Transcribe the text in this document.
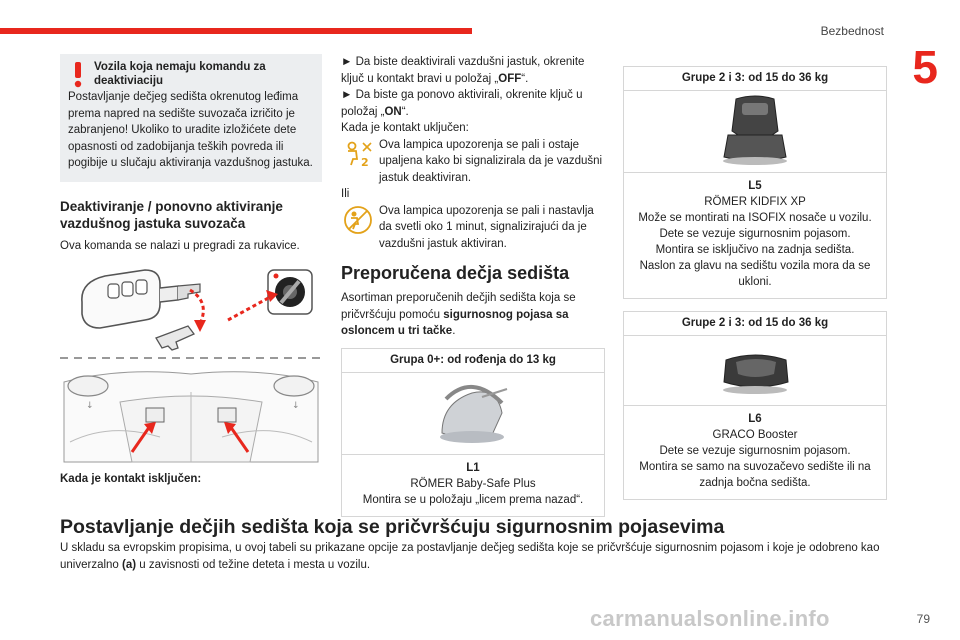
Bezbednost
5
Vozila koja nemaju komandu za deaktiviaciju
Postavljanje dečjeg sedišta okrenutog leđima prema napred na sedište suvozača izričito je zabranjeno! Ukoliko to uradite izložićete dete opasnosti od zadobijanja teških povreda ili pogibije u slučaju aktiviranja vazdušnog jastuka.
Deaktiviranje / ponovno aktiviranje vazdušnog jastuka suvozača
Ova komanda se nalazi u pregradi za rukavice.
↓	↓
Kada je kontakt isključen:
► Da biste deaktivirali vazdušni jastuk, okrenite ključ u kontakt bravi u položaj „OFF“.
► Da biste ga ponovo aktivirali, okrenite ključ u položaj „ON“.
Kada je kontakt uključen:
2
Ova lampica upozorenja se pali i ostaje upaljena kako bi signalizirala da je vazdušni jastuk deaktiviran.
Ili
Ova lampica upozorenja se pali i nastavlja da svetli oko 1 minut, signalizirajući da je vazdušni jastuk aktiviran.
Preporučena dečja sedišta
Asortiman preporučenih dečjih sedišta koja se pričvršćuju pomoću sigurnosnog pojasa sa osloncem u tri tačke.
Grupa 0+: od rođenja do 13 kg
L1
RÖMER Baby-Safe Plus
Montira se u položaju „licem prema nazad“.
Grupe 2 i 3: od 15 do 36 kg
L5
RÖMER KIDFIX XP
Može se montirati na ISOFIX nosače u vozilu.
Dete se vezuje sigurnosnim pojasom.
Montira se isključivo na zadnja sedišta.
Naslon za glavu na sedištu vozila mora da se ukloni.
Grupe 2 i 3: od 15 do 36 kg
L6
GRACO Booster
Dete se vezuje sigurnosnim pojasom.
Montira se samo na suvozačevo sedište ili na zadnja bočna sedišta.
Postavljanje dečjih sedišta koja se pričvršćuju sigurnosnim pojasevima
U skladu sa evropskim propisima, u ovoj tabeli su prikazane opcije za postavljanje dečjeg sedišta koje se pričvršćuje sigurnosnim pojasom i koje je odobreno kao univerzalno (a) u zavisnosti od težine deteta i mesta u vozilu.
carmanualsonline.info	79
